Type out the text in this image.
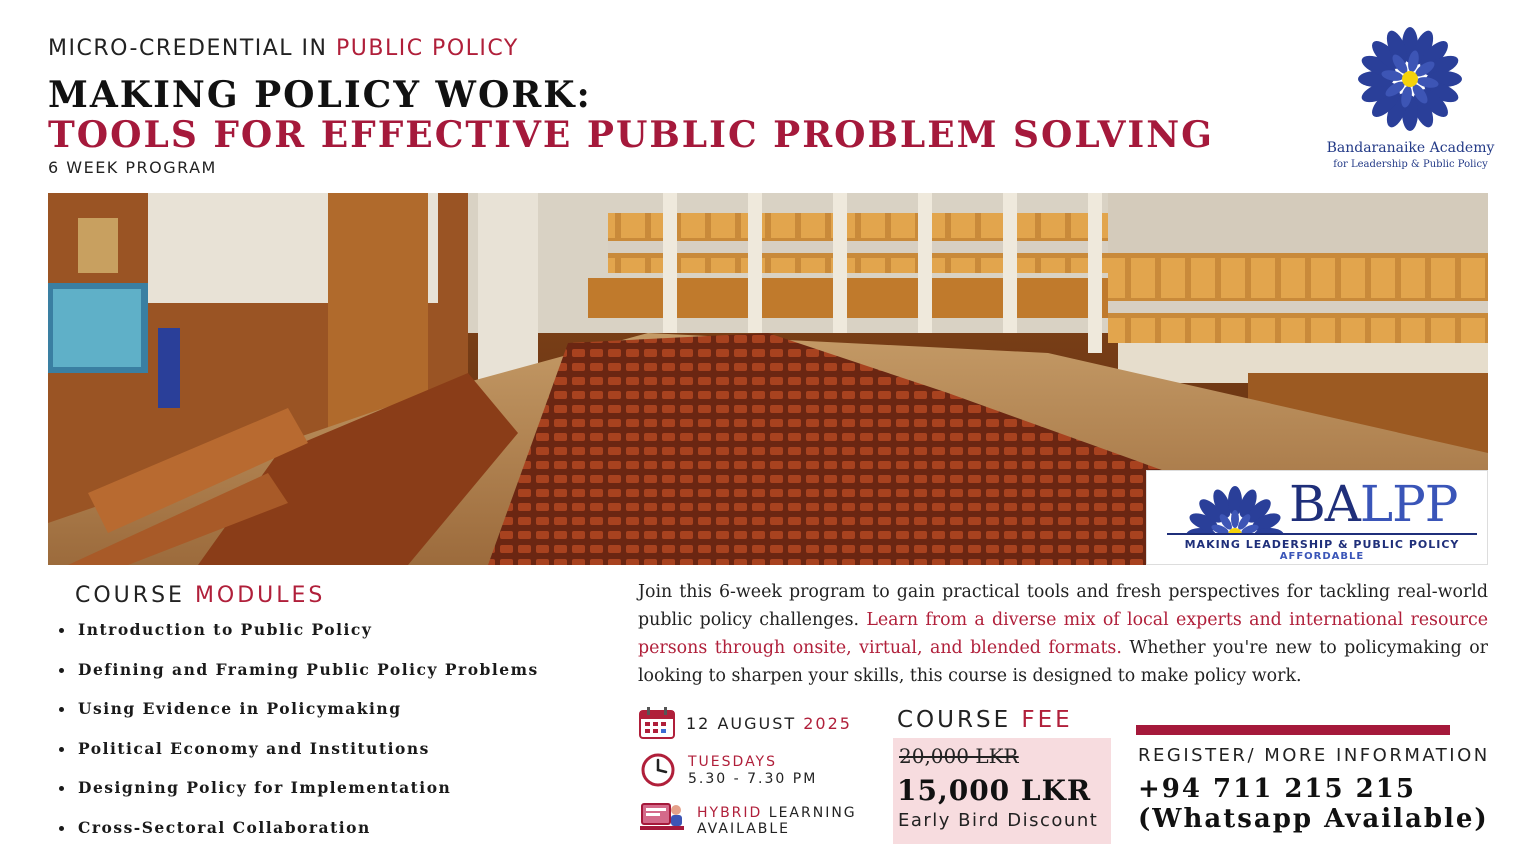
MICRO-CREDENTIAL IN PUBLIC POLICY
MAKING POLICY WORK:
TOOLS FOR EFFECTIVE PUBLIC PROBLEM SOLVING
6 WEEK PROGRAM
Bandaranaike Academy
for Leadership & Public Policy
BALPP
MAKING LEADERSHIP & PUBLIC POLICY
AFFORDABLE
COURSE MODULES
Introduction to Public Policy
Defining and Framing Public Policy Problems
Using Evidence in Policymaking
Political Economy and Institutions
Designing Policy for Implementation
Cross-Sectoral Collaboration
Join this 6-week program to gain practical tools and fresh perspectives for tackling real-world public policy challenges. Learn from a diverse mix of local experts and international resource persons through onsite, virtual, and blended formats. Whether you're new to policymaking or looking to sharpen your skills, this course is designed to make policy work.
12 AUGUST 2025
TUESDAYS
5.30 - 7.30 PM
HYBRID LEARNING
AVAILABLE
COURSE FEE
20,000 LKR
15,000 LKR
Early Bird Discount
REGISTER/ MORE INFORMATION
+94 711 215 215
(Whatsapp Available)
